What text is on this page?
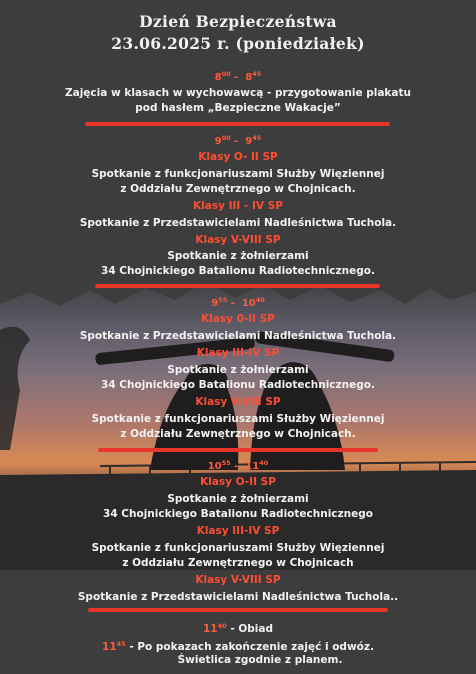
Dzień Bezpieczeństwa
23.06.2025 r. (poniedziałek)
$8^{00} - 8^{45}$
Zajęcia w klasach w wychowawcą - przygotowanie plakatu
pod hasłem „Bezpieczne Wakacje”
$9^{00} - 9^{45}$
Klasy O- II SP
Spotkanie z funkcjonariuszami Służby Więziennej
z Oddziału Zewnętrznego w Chojnicach.
Klasy III - IV SP
Spotkanie z Przedstawicielami Nadleśnictwa Tuchola.
Klasy V-VIII SP
Spotkanie z żołnierzami
34 Chojnickiego Batalionu Radiotechnicznego.
$9^{55} - 10^{40}$
Klasy 0-II SP
Spotkanie z Przedstawicielami Nadleśnictwa Tuchola.
Klasy III-IV SP
Spotkanie z żołnierzami
34 Chojnickiego Batalionu Radiotechnicznego.
Klasy V-VIII SP
Spotkanie z funkcjonariuszami Służby Więziennej
z Oddziału Zewnętrznego w Chojnicach.
$10^{55} - 11^{40}$
Klasy O-II SP
Spotkanie z żołnierzami
34 Chojnickiego Batalionu Radiotechnicznego
Klasy III-IV SP
Spotkanie z funkcjonariuszami Służby Więziennej
z Oddziału Zewnętrznego w Chojnicach
Klasy V-VIII SP
Spotkanie z Przedstawicielami Nadleśnictwa Tuchola..
$11^{40}$ - Obiad
$11^{45}$ - Po pokazach zakończenie zajęć i odwóz.
Świetlica zgodnie z planem.
